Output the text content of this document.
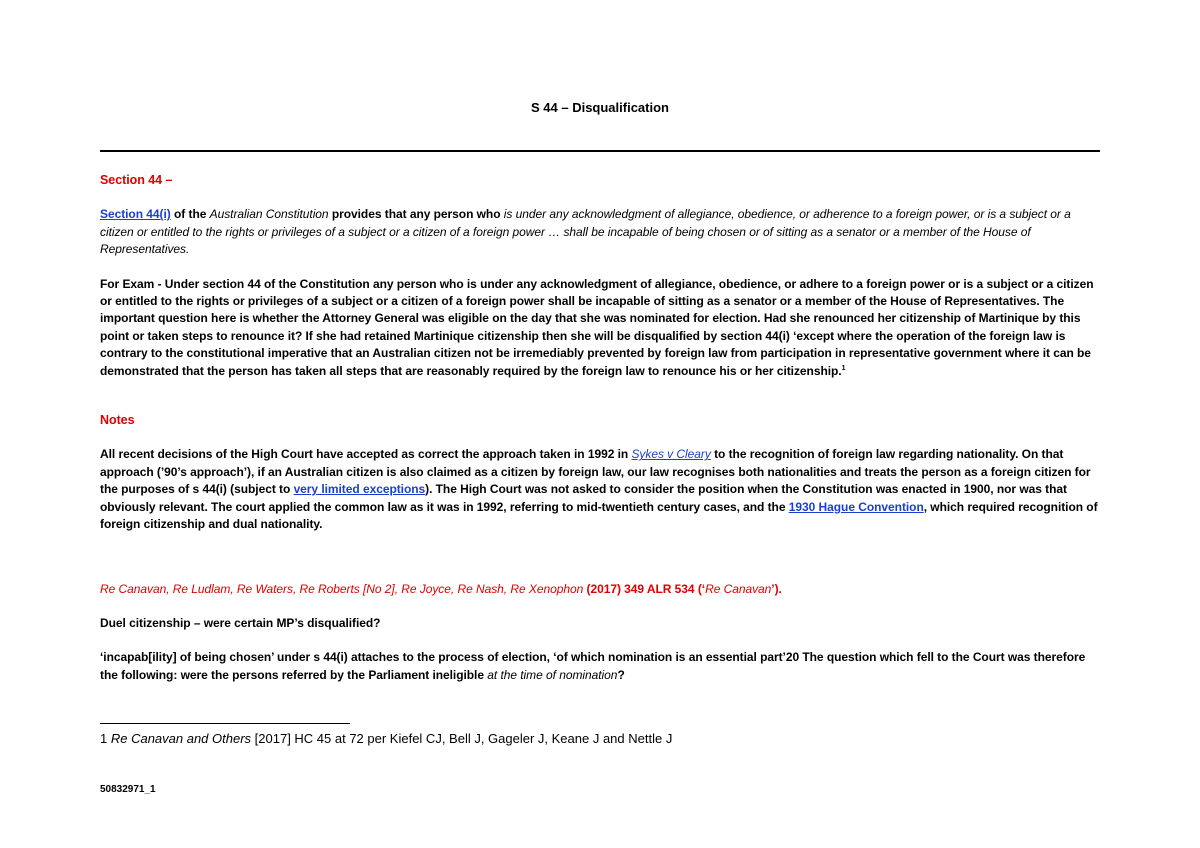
S 44 – Disqualification

Section 44 –

Section 44(i) of the Australian Constitution provides that any person who is under any acknowledgment of allegiance, obedience, or adherence to a foreign power, or is a subject or a citizen or entitled to the rights or privileges of a subject or a citizen of a foreign power … shall be incapable of being chosen or of sitting as a senator or a member of the House of Representatives.

For Exam - Under section 44 of the Constitution any person who is under any acknowledgment of allegiance, obedience, or adhere to a foreign power or is a subject or a citizen or entitled to the rights or privileges of a subject or a citizen of a foreign power shall be incapable of sitting as a senator or a member of the House of Representatives. The important question here is whether the Attorney General was eligible on the day that she was nominated for election. Had she renounced her citizenship of Martinique by this point or taken steps to renounce it? If she had retained Martinique citizenship then she will be disqualified by section 44(i) ‘except where the operation of the foreign law is contrary to the constitutional imperative that an Australian citizen not be irremediably prevented by foreign law from participation in representative government where it can be demonstrated that the person has taken all steps that are reasonably required by the foreign law to renounce his or her citizenship.$^1$

Notes

All recent decisions of the High Court have accepted as correct the approach taken in 1992 in Sykes v Cleary to the recognition of foreign law regarding nationality. On that approach (’90’s approach’), if an Australian citizen is also claimed as a citizen by foreign law, our law recognises both nationalities and treats the person as a foreign citizen for the purposes of s 44(i) (subject to very limited exceptions). The High Court was not asked to consider the position when the Constitution was enacted in 1900, nor was that obviously relevant. The court applied the common law as it was in 1992, referring to mid-twentieth century cases, and the 1930 Hague Convention, which required recognition of foreign citizenship and dual nationality.

Re Canavan, Re Ludlam, Re Waters, Re Roberts [No 2], Re Joyce, Re Nash, Re Xenophon (2017) 349 ALR 534 (‘Re Canavan’).

Duel citizenship – were certain MP’s disqualified?

‘incapab[ility] of being chosen’ under s 44(i) attaches to the process of election, ‘of which nomination is an essential part’20 The question which fell to the Court was therefore the following: were the persons referred by the Parliament ineligible at the time of nomination?

1 Re Canavan and Others [2017] HC 45 at 72 per Kiefel CJ, Bell J, Gageler J, Keane J and Nettle J
50832971_1
